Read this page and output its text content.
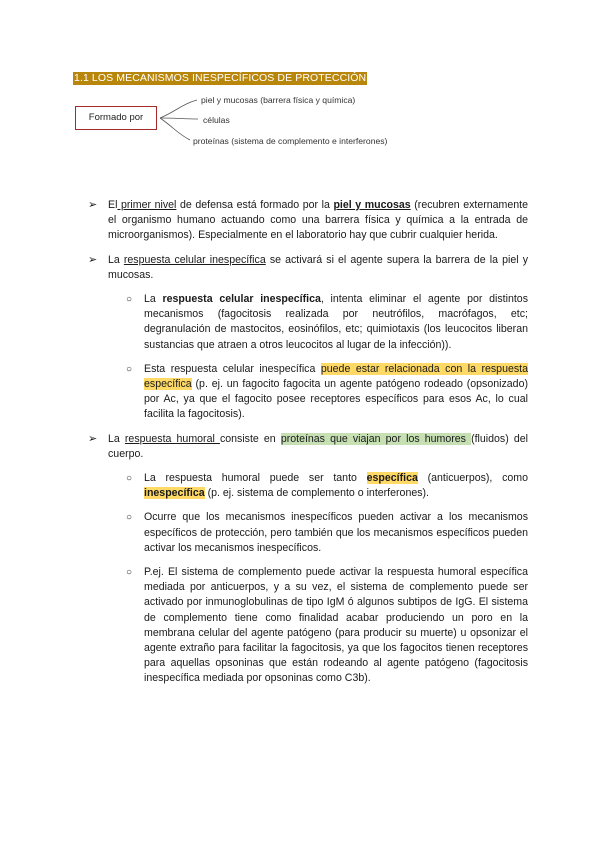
1.1 LOS MECANISMOS INESPECÍFICOS DE PROTECCIÓN
Formado por
piel y mucosas (barrera física y química)
células
proteínas (sistema de complemento e interferones)
➢ El primer nivel de defensa está formado por la piel y mucosas (recubren externamente el organismo humano actuando como una barrera física y química a la entrada de microorganismos). Especialmente en el laboratorio hay que cubrir cualquier herida.

➢ La respuesta celular inespecífica se activará si el agente supera la barrera de la piel y mucosas.

○ La respuesta celular inespecífica, intenta eliminar el agente por distintos mecanismos (fagocitosis realizada por neutrófilos, macrófagos, etc; degranulación de mastocitos, eosinófilos, etc; quimiotaxis (los leucocitos liberan sustancias que atraen a otros leucocitos al lugar de la infección)).

○ Esta respuesta celular inespecífica puede estar relacionada con la respuesta específica (p. ej. un fagocito fagocita un agente patógeno rodeado (opsonizado) por Ac, ya que el fagocito posee receptores específicos para esos Ac, lo cual facilita la fagocitosis).

➢ La respuesta humoral consiste en proteínas que viajan por los humores (fluidos) del cuerpo.

○ La respuesta humoral puede ser tanto específica (anticuerpos), como inespecífica (p. ej. sistema de complemento o interferones).

○ Ocurre que los mecanismos inespecíficos pueden activar a los mecanismos específicos de protección, pero también que los mecanismos específicos pueden activar los mecanismos inespecíficos.

○ P.ej. El sistema de complemento puede activar la respuesta humoral específica mediada por anticuerpos, y a su vez, el sistema de complemento puede ser activado por inmunoglobulinas de tipo IgM ó algunos subtipos de IgG. El sistema de complemento tiene como finalidad acabar produciendo un poro en la membrana celular del agente patógeno (para producir su muerte) u opsonizar el agente extraño para facilitar la fagocitosis, ya que los fagocitos tienen receptores para aquellas opsoninas que están rodeando al agente patógeno (fagocitosis inespecífica mediada por opsoninas como C3b).
